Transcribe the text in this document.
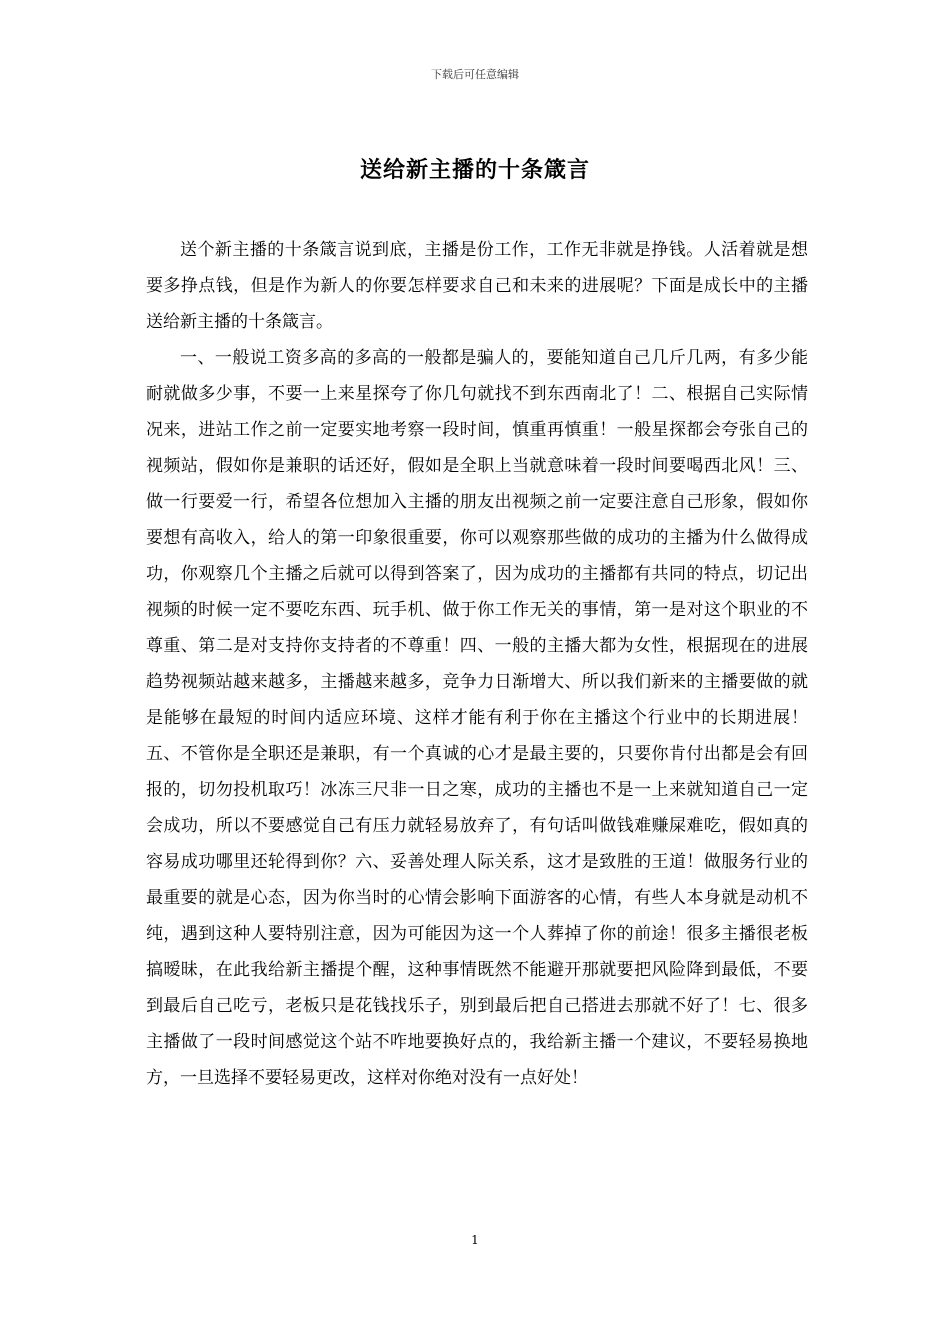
下载后可任意编辑
送给新主播的十条箴言

送个新主播的十条箴言说到底，主播是份工作，工作无非就是挣钱。人活着就是想要多挣点钱，但是作为新人的你要怎样要求自己和未来的进展呢？下面是成长中的主播送给新主播的十条箴言。

一、一般说工资多高的多高的一般都是骗人的，要能知道自己几斤几两，有多少能耐就做多少事，不要一上来星探夸了你几句就找不到东西南北了！二、根据自己实际情况来，进站工作之前一定要实地考察一段时间，慎重再慎重！一般星探都会夸张自己的视频站，假如你是兼职的话还好，假如是全职上当就意味着一段时间要喝西北风！三、做一行要爱一行，希望各位想加入主播的朋友出视频之前一定要注意自己形象，假如你要想有高收入，给人的第一印象很重要，你可以观察那些做的成功的主播为什么做得成功，你观察几个主播之后就可以得到答案了，因为成功的主播都有共同的特点，切记出视频的时候一定不要吃东西、玩手机、做于你工作无关的事情，第一是对这个职业的不尊重、第二是对支持你支持者的不尊重！四、一般的主播大都为女性，根据现在的进展趋势视频站越来越多，主播越来越多，竞争力日渐增大、所以我们新来的主播要做的就是能够在最短的时间内适应环境、这样才能有利于你在主播这个行业中的长期进展！五、不管你是全职还是兼职，有一个真诚的心才是最主要的，只要你肯付出都是会有回报的，切勿投机取巧！冰冻三尺非一日之寒，成功的主播也不是一上来就知道自己一定会成功，所以不要感觉自己有压力就轻易放弃了，有句话叫做钱难赚屎难吃，假如真的容易成功哪里还轮得到你？六、妥善处理人际关系，这才是致胜的王道！做服务行业的最重要的就是心态，因为你当时的心情会影响下面游客的心情，有些人本身就是动机不纯，遇到这种人要特别注意，因为可能因为这一个人葬掉了你的前途！很多主播很老板搞暧昧，在此我给新主播提个醒，这种事情既然不能避开那就要把风险降到最低，不要到最后自己吃亏，老板只是花钱找乐子，别到最后把自己搭进去那就不好了！七、很多主播做了一段时间感觉这个站不咋地要换好点的，我给新主播一个建议，不要轻易换地方，一旦选择不要轻易更改，这样对你绝对没有一点好处！

1
